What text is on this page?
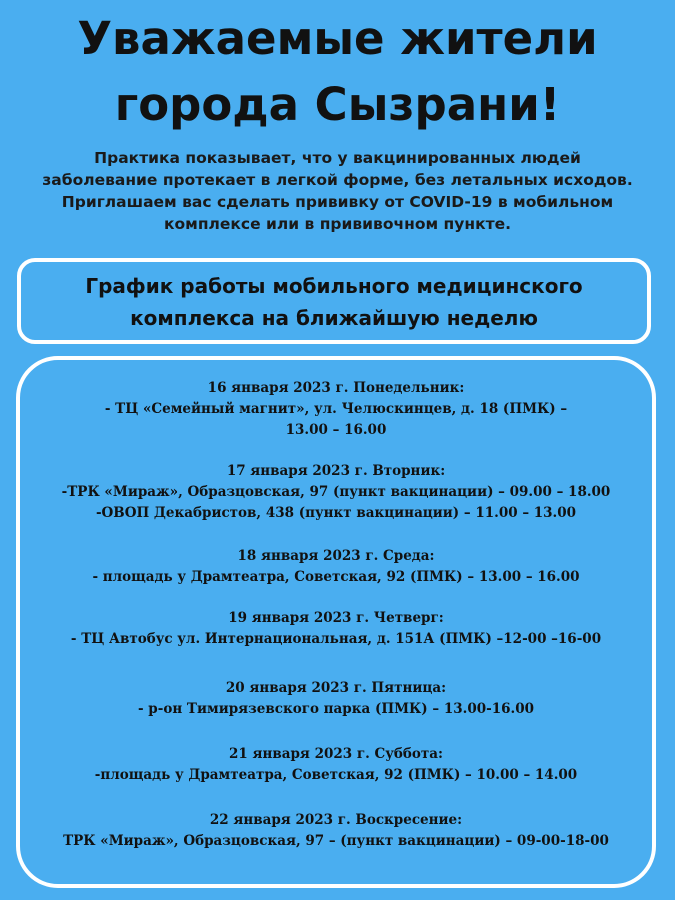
Уважаемые жители
города Сызрани!
Практика показывает, что у вакцинированных людей
заболевание протекает в легкой форме, без летальных исходов.
Приглашаем вас сделать прививку от COVID-19 в мобильном
комплексе или в прививочном пункте.
График работы мобильного медицинского
комплекса на ближайшую неделю
16 января 2023 г. Понедельник:
- ТЦ «Семейный магнит», ул. Челюскинцев, д. 18 (ПМК) –
13.00 – 16.00
17 января 2023 г. Вторник:
-ТРК «Мираж», Образцовская, 97 (пункт вакцинации) – 09.00 – 18.00
-ОВОП Декабристов, 438 (пункт вакцинации) – 11.00 – 13.00
18 января 2023 г. Среда:
- площадь у Драмтеатра, Советская, 92 (ПМК) – 13.00 – 16.00
19 января 2023 г. Четверг:
- ТЦ Автобус ул. Интернациональная, д. 151А (ПМК) –12-00 –16-00
20 января 2023 г. Пятница:
- р-он Тимирязевского парка (ПМК) – 13.00-16.00
21 января 2023 г. Суббота:
-площадь у Драмтеатра, Советская, 92 (ПМК) – 10.00 – 14.00
22 января 2023 г. Воскресение:
ТРК «Мираж», Образцовская, 97 – (пункт вакцинации) – 09-00-18-00
